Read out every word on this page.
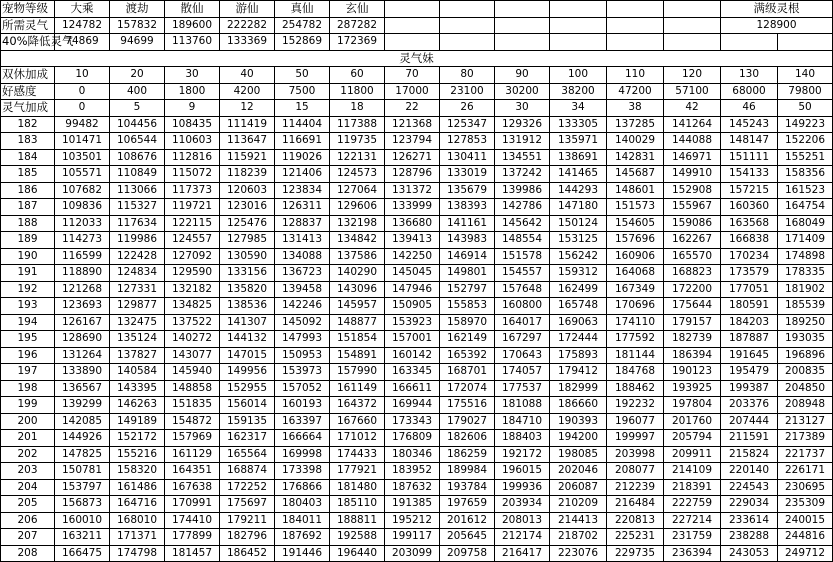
宠物等级	大乘	渡劫	散仙	游仙	真仙	玄仙							满级灵根	
所需灵气	124782	157832	189600	222282	254782	287282							128900	
40%降低灵气	74869	94699	113760	133369	152869	172369								
灵气妹														
双休加成	10	20	30	40	50	60	70	80	90	100	110	120	130	140
好感度	0	400	1800	4200	7500	11800	17000	23100	30200	38200	47200	57100	68000	79800
灵气加成	0	5	9	12	15	18	22	26	30	34	38	42	46	50
182	99482	104456	108435	111419	114404	117388	121368	125347	129326	133305	137285	141264	145243	149223
183	101471	106544	110603	113647	116691	119735	123794	127853	131912	135971	140029	144088	148147	152206
184	103501	108676	112816	115921	119026	122131	126271	130411	134551	138691	142831	146971	151111	155251
185	105571	110849	115072	118239	121406	124573	128796	133019	137242	141465	145687	149910	154133	158356
186	107682	113066	117373	120603	123834	127064	131372	135679	139986	144293	148601	152908	157215	161523
187	109836	115327	119721	123016	126311	129606	133999	138393	142786	147180	151573	155967	160360	164754
188	112033	117634	122115	125476	128837	132198	136680	141161	145642	150124	154605	159086	163568	168049
189	114273	119986	124557	127985	131413	134842	139413	143983	148554	153125	157696	162267	166838	171409
190	116599	122428	127092	130590	134088	137586	142250	146914	151578	156242	160906	165570	170234	174898
191	118890	124834	129590	133156	136723	140290	145045	149801	154557	159312	164068	168823	173579	178335
192	121268	127331	132182	135820	139458	143096	147946	152797	157648	162499	167349	172200	177051	181902
193	123693	129877	134825	138536	142246	145957	150905	155853	160800	165748	170696	175644	180591	185539
194	126167	132475	137522	141307	145092	148877	153923	158970	164017	169063	174110	179157	184203	189250
195	128690	135124	140272	144132	147993	151854	157001	162149	167297	172444	177592	182739	187887	193035
196	131264	137827	143077	147015	150953	154891	160142	165392	170643	175893	181144	186394	191645	196896
197	133890	140584	145940	149956	153973	157990	163345	168701	174057	179412	184768	190123	195479	200835
198	136567	143395	148858	152955	157052	161149	166611	172074	177537	182999	188462	193925	199387	204850
199	139299	146263	151835	156014	160193	164372	169944	175516	181088	186660	192232	197804	203376	208948
200	142085	149189	154872	159135	163397	167660	173343	179027	184710	190393	196077	201760	207444	213127
201	144926	152172	157969	162317	166664	171012	176809	182606	188403	194200	199997	205794	211591	217389
202	147825	155216	161129	165564	169998	174433	180346	186259	192172	198085	203998	209911	215824	221737
203	150781	158320	164351	168874	173398	177921	183952	189984	196015	202046	208077	214109	220140	226171
204	153797	161486	167638	172252	176866	181480	187632	193784	199936	206087	212239	218391	224543	230695
205	156873	164716	170991	175697	180403	185110	191385	197659	203934	210209	216484	222759	229034	235309
206	160010	168010	174410	179211	184011	188811	195212	201612	208013	214413	220813	227214	233614	240015
207	163211	171371	177899	182796	187692	192588	199117	205645	212174	218702	225231	231759	238288	244816
208	166475	174798	181457	186452	191446	196440	203099	209758	216417	223076	229735	236394	243053	249712
